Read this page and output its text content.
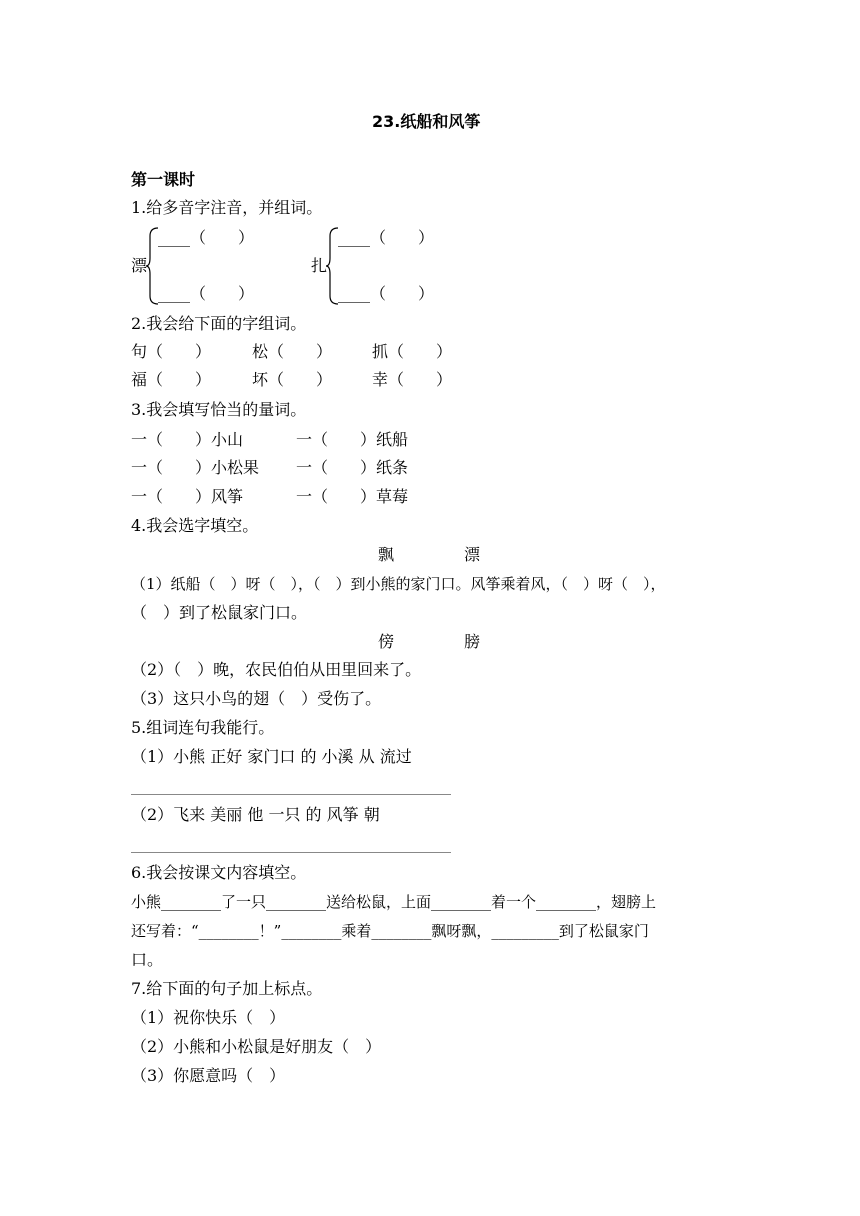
23.纸船和风筝
第一课时
1.给多音字注音，并组词。
漂
____（　　）
____（　　）
扎
____（　　）
____（　　）
2.我会给下面的字组词。
句（　　）	松（　　） 抓（　　）
福（　　）	坏（　　） 幸（　　）
3.我会填写恰当的量词。
一（　　）小山	一（　　）纸船
一（　　）小松果 一（　　）纸条
一（　　）风筝	一（　　）草莓
4.我会选字填空。
飘	漂
（1）纸船（　）呀（　），（　）到小熊的家门口。风筝乘着风，（　）呀（　），
（　）到了松鼠家门口。
傍	膀
（2）（　）晚，农民伯伯从田里回来了。
（3）这只小鸟的翅（　）受伤了。
5.组词连句我能行。
（1）小熊 正好 家门口 的 小溪 从 流过
（2）飞来 美丽 他 一只 的 风筝 朝
6.我会按课文内容填空。
小熊________了一只________送给松鼠，上面________着一个________，翅膀上
还写着：“________！”________乘着________飘呀飘，_________到了松鼠家门
口。
7.给下面的句子加上标点。
（1）祝你快乐（　）
（2）小熊和小松鼠是好朋友（　）
（3）你愿意吗（　）
